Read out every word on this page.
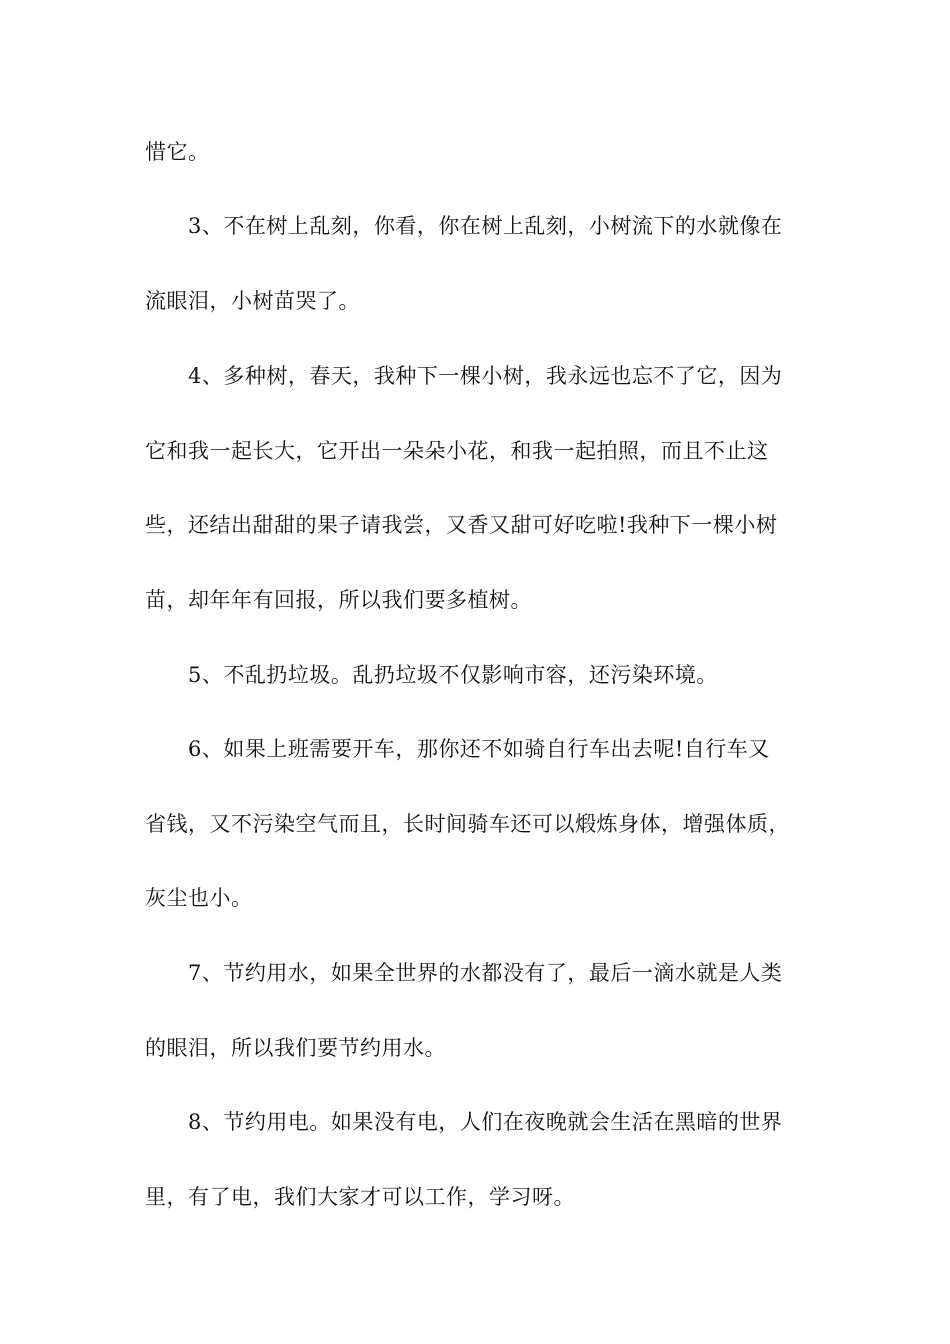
惜它。

3、不在树上乱刻，你看，你在树上乱刻，小树流下的水就像在

流眼泪，小树苗哭了。

4、多种树，春天，我种下一棵小树，我永远也忘不了它，因为

它和我一起长大，它开出一朵朵小花，和我一起拍照，而且不止这

些，还结出甜甜的果子请我尝，又香又甜可好吃啦!我种下一棵小树

苗，却年年有回报，所以我们要多植树。

5、不乱扔垃圾。乱扔垃圾不仅影响市容，还污染环境。

6、如果上班需要开车，那你还不如骑自行车出去呢!自行车又

省钱，又不污染空气而且，长时间骑车还可以煅炼身体，增强体质，

灰尘也小。

7、节约用水，如果全世界的水都没有了，最后一滴水就是人类

的眼泪，所以我们要节约用水。

8、节约用电。如果没有电，人们在夜晚就会生活在黑暗的世界

里，有了电，我们大家才可以工作，学习呀。
